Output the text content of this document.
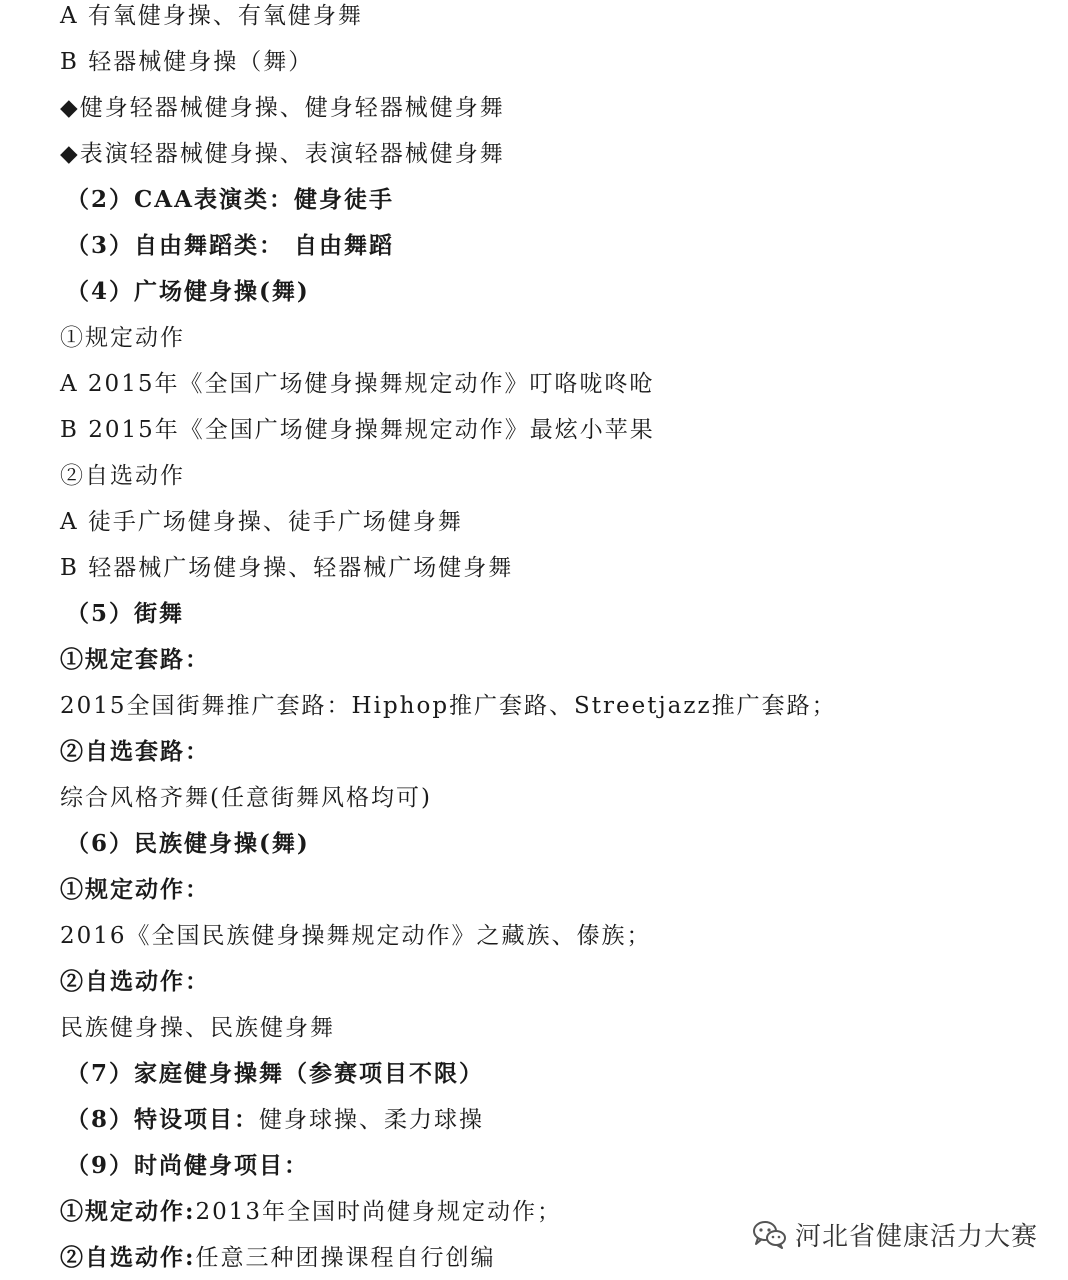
A 有氧健身操、有氧健身舞
B 轻器械健身操（舞）
◆健身轻器械健身操、健身轻器械健身舞
◆表演轻器械健身操、表演轻器械健身舞
（2）CAA表演类：健身徒手
（3）自由舞蹈类： 自由舞蹈
（4）广场健身操(舞)
①规定动作
A 2015年《全国广场健身操舞规定动作》叮咯咙咚呛
B 2015年《全国广场健身操舞规定动作》最炫小苹果
②自选动作
A 徒手广场健身操、徒手广场健身舞
B 轻器械广场健身操、轻器械广场健身舞
（5）街舞
①规定套路：
2015全国街舞推广套路：Hiphop推广套路、Streetjazz推广套路；
②自选套路：
综合风格齐舞(任意街舞风格均可)
（6）民族健身操(舞)
①规定动作：
2016《全国民族健身操舞规定动作》之藏族、傣族；
②自选动作：
民族健身操、民族健身舞
（7）家庭健身操舞（参赛项目不限）
（8）特设项目：健身球操、柔力球操
（9）时尚健身项目：
①规定动作:2013年全国时尚健身规定动作；
②自选动作:任意三种团操课程自行创编
河北省健康活力大赛
